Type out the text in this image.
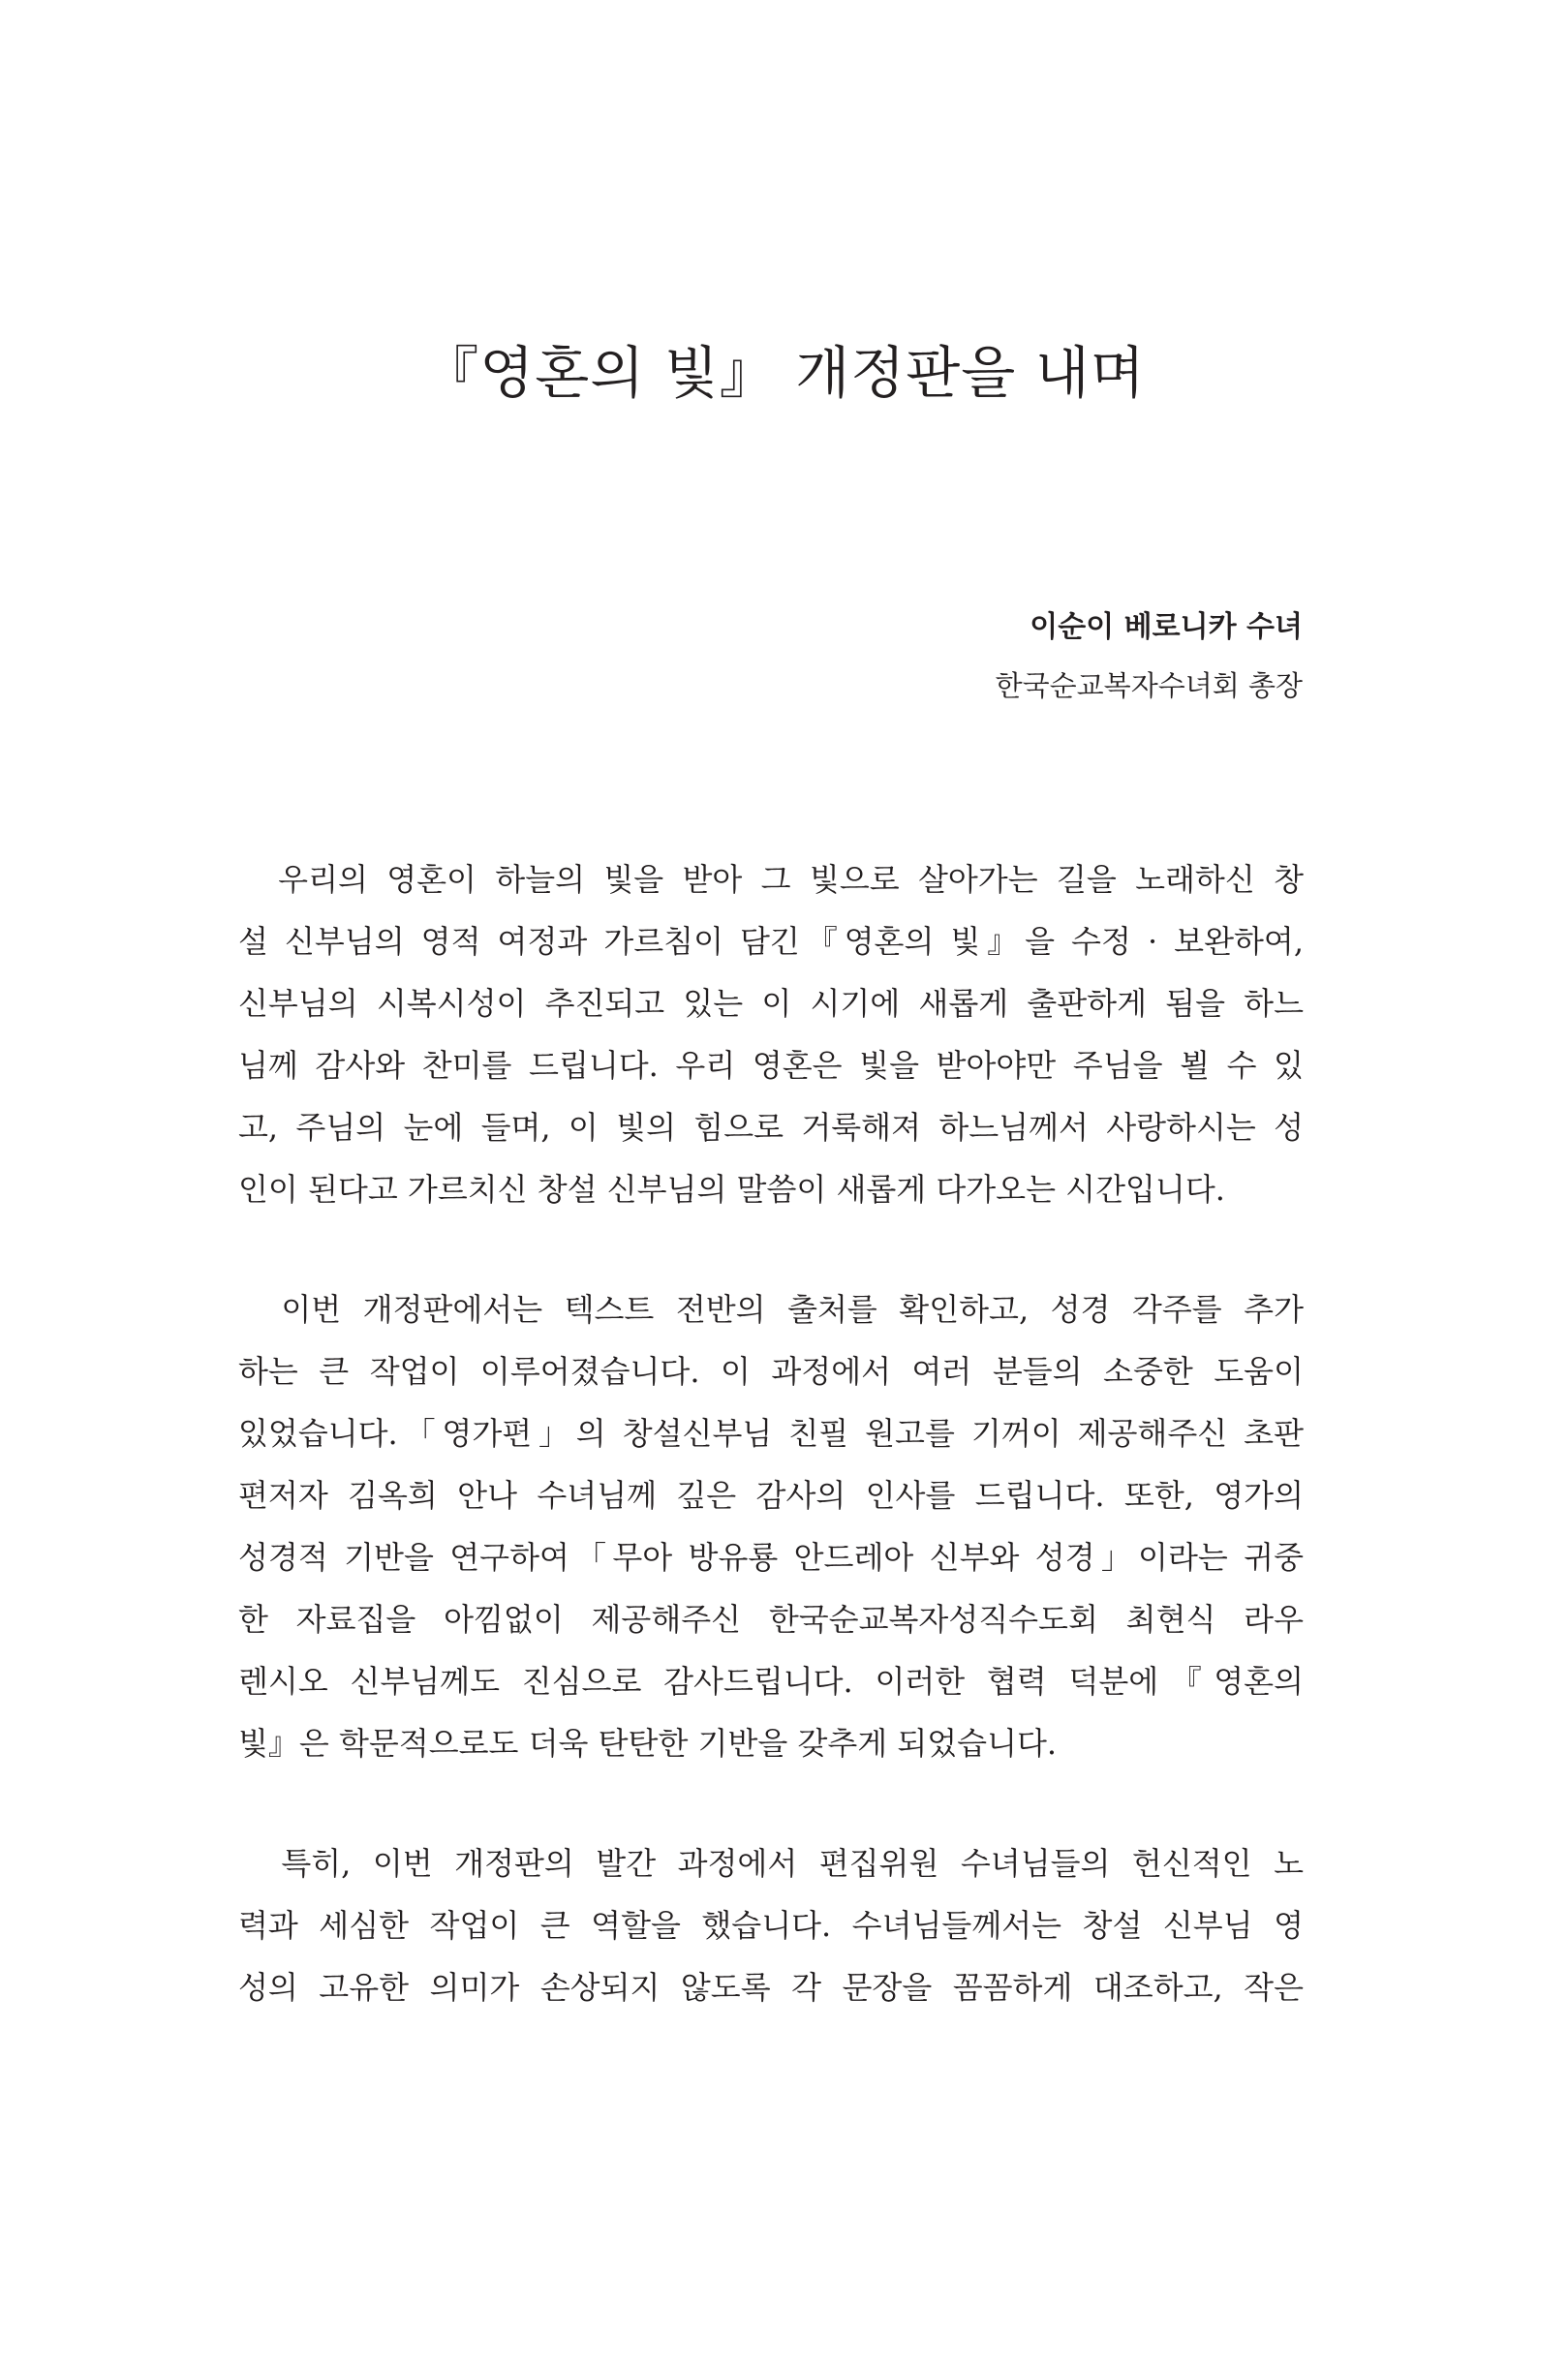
『영혼의 빛』 개정판을 내며
이순이 베로니카 수녀
한국순교복자수녀회 총장
　우리의 영혼이 하늘의 빛을 받아 그 빛으로 살아가는 길을 노래하신 창
설 신부님의 영적 여정과 가르침이 담긴『영혼의 빛』을 수정 · 보완하여,
신부님의 시복시성이 추진되고 있는 이 시기에 새롭게 출판하게 됨을 하느
님께 감사와 찬미를 드립니다. 우리 영혼은 빛을 받아야만 주님을 뵐 수 있
고, 주님의 눈에 들며, 이 빛의 힘으로 거룩해져 하느님께서 사랑하시는 성
인이 된다고 가르치신 창설 신부님의 말씀이 새롭게 다가오는 시간입니다.
　이번 개정판에서는 텍스트 전반의 출처를 확인하고, 성경 각주를 추가
하는 큰 작업이 이루어졌습니다. 이 과정에서 여러 분들의 소중한 도움이
있었습니다.「영가편」의 창설신부님 친필 원고를 기꺼이 제공해주신 초판
편저자 김옥희 안나 수녀님께 깊은 감사의 인사를 드립니다. 또한, 영가의
성경적 기반을 연구하여「무아 방유룡 안드레아 신부와 성경」이라는 귀중
한 자료집을 아낌없이 제공해주신 한국순교복자성직수도회 최현식 라우
렌시오 신부님께도 진심으로 감사드립니다. 이러한 협력 덕분에『영혼의
빛』은 학문적으로도 더욱 탄탄한 기반을 갖추게 되었습니다.
　특히, 이번 개정판의 발간 과정에서 편집위원 수녀님들의 헌신적인 노
력과 세심한 작업이 큰 역할을 했습니다. 수녀님들께서는 창설 신부님 영
성의 고유한 의미가 손상되지 않도록 각 문장을 꼼꼼하게 대조하고, 작은
